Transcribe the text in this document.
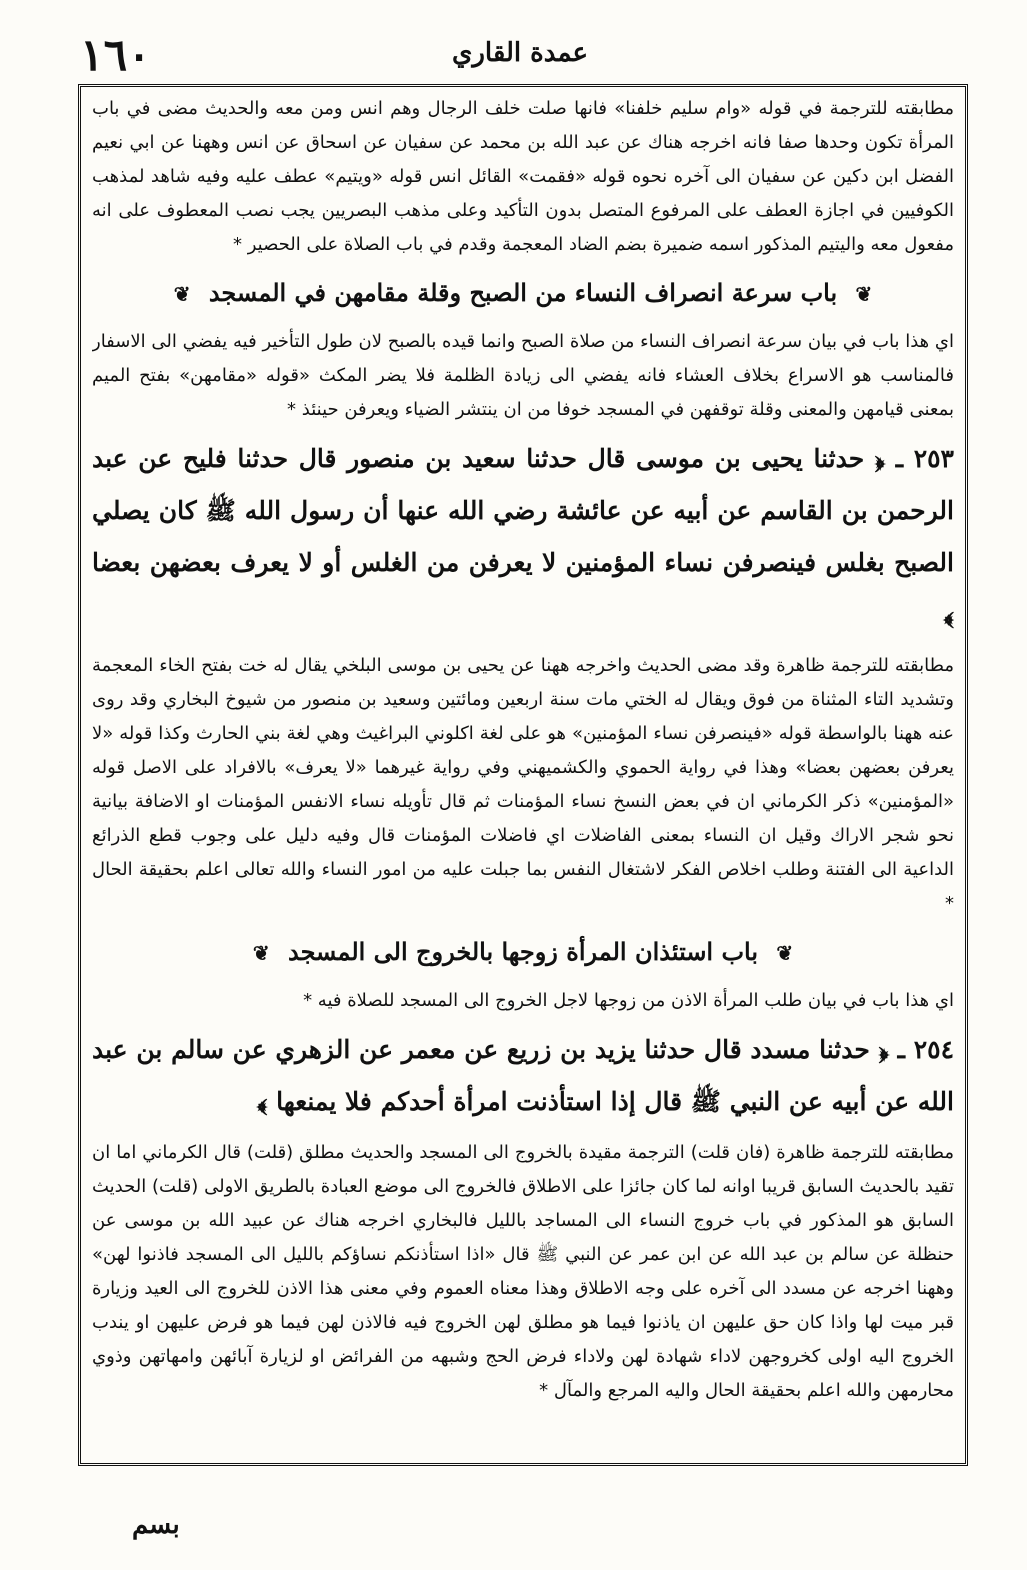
١٦٠	عمدة القاري

مطابقته للترجمة في قوله «وام سليم خلفنا» فانها صلت خلف الرجال وهم انس ومن معه والحديث مضى في باب المرأة تكون وحدها صفا فانه اخرجه هناك عن عبد الله بن محمد عن سفيان عن اسحاق عن انس وههنا عن ابي نعيم الفضل ابن دكين عن سفيان الى آخره نحوه قوله «فقمت» القائل انس قوله «ويتيم» عطف عليه وفيه شاهد لمذهب الكوفيين في اجازة العطف على المرفوع المتصل بدون التأكيد وعلى مذهب البصريين يجب نصب المعطوف على انه مفعول معه واليتيم المذكور اسمه ضميرة بضم الضاد المعجمة وقدم في باب الصلاة على الحصير *

❦ باب سرعة انصراف النساء من الصبح وقلة مقامهن في المسجد ❦

اي هذا باب في بيان سرعة انصراف النساء من صلاة الصبح وانما قيده بالصبح لان طول التأخير فيه يفضي الى الاسفار فالمناسب هو الاسراع بخلاف العشاء فانه يفضي الى زيادة الظلمة فلا يضر المكث «قوله «مقامهن» بفتح الميم بمعنى قيامهن والمعنى وقلة توقفهن في المسجد خوفا من ان ينتشر الضياء ويعرفن حينئذ *

٢٥٣ ـ ﴿ حدثنا يحيى بن موسى قال حدثنا سعيد بن منصور قال حدثنا فليح عن عبد الرحمن بن القاسم عن أبيه عن عائشة رضي الله عنها أن رسول الله ﷺ كان يصلي الصبح بغلس فينصرفن نساء المؤمنين لا يعرفن من الغلس أو لا يعرف بعضهن بعضا ﴾

مطابقته للترجمة ظاهرة وقد مضى الحديث واخرجه ههنا عن يحيى بن موسى البلخي يقال له خت بفتح الخاء المعجمة وتشديد التاء المثناة من فوق ويقال له الختي مات سنة اربعين ومائتين وسعيد بن منصور من شيوخ البخاري وقد روى عنه ههنا بالواسطة قوله «فينصرفن نساء المؤمنين» هو على لغة اكلوني البراغيث وهي لغة بني الحارث وكذا قوله «لا يعرفن بعضهن بعضا» وهذا في رواية الحموي والكشميهني وفي رواية غيرهما «لا يعرف» بالافراد على الاصل قوله «المؤمنين» ذكر الكرماني ان في بعض النسخ نساء المؤمنات ثم قال تأويله نساء الانفس المؤمنات او الاضافة بيانية نحو شجر الاراك وقيل ان النساء بمعنى الفاضلات اي فاضلات المؤمنات قال وفيه دليل على وجوب قطع الذرائع الداعية الى الفتنة وطلب اخلاص الفكر لاشتغال النفس بما جبلت عليه من امور النساء والله تعالى اعلم بحقيقة الحال *

❦ باب استئذان المرأة زوجها بالخروج الى المسجد ❦

اي هذا باب في بيان طلب المرأة الاذن من زوجها لاجل الخروج الى المسجد للصلاة فيه *

٢٥٤ ـ ﴿ حدثنا مسدد قال حدثنا يزيد بن زريع عن معمر عن الزهري عن سالم بن عبد الله عن أبيه عن النبي ﷺ قال إذا استأذنت امرأة أحدكم فلا يمنعها ﴾

مطابقته للترجمة ظاهرة (فان قلت) الترجمة مقيدة بالخروج الى المسجد والحديث مطلق (قلت) قال الكرماني اما ان تقيد بالحديث السابق قريبا اوانه لما كان جائزا على الاطلاق فالخروج الى موضع العبادة بالطريق الاولى (قلت) الحديث السابق هو المذكور في باب خروج النساء الى المساجد بالليل فالبخاري اخرجه هناك عن عبيد الله بن موسى عن حنظلة عن سالم بن عبد الله عن ابن عمر عن النبي ﷺ قال «اذا استأذنكم نساؤكم بالليل الى المسجد فاذنوا لهن» وههنا اخرجه عن مسدد الى آخره على وجه الاطلاق وهذا معناه العموم وفي معنى هذا الاذن للخروج الى العيد وزيارة قبر ميت لها واذا كان حق عليهن ان ياذنوا فيما هو مطلق لهن الخروج فيه فالاذن لهن فيما هو فرض عليهن او يندب الخروج اليه اولى كخروجهن لاداء شهادة لهن ولاداء فرض الحج وشبهه من الفرائض او لزيارة آبائهن وامهاتهن وذوي محارمهن والله اعلم بحقيقة الحال واليه المرجع والمآل *

بسم
